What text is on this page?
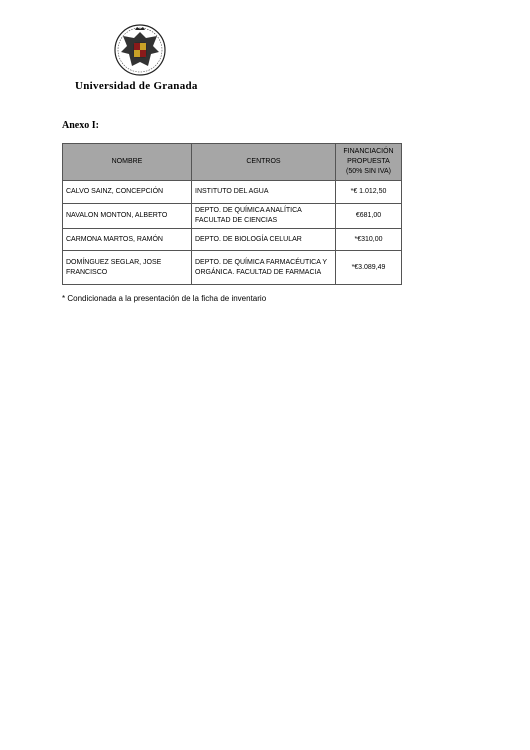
Universidad de Granada
Anexo I:
NOMBRE	CENTROS	FINANCIACIÓN PROPUESTA (50% SIN IVA)
CALVO SAINZ, CONCEPCIÓN	INSTITUTO DEL AGUA	*€ 1.012,50
NAVALON MONTON, ALBERTO	DEPTO. DE QUÍMICA ANALÍTICA FACULTAD DE CIENCIAS	€681,00
CARMONA MARTOS, RAMÓN	DEPTO. DE BIOLOGÍA CELULAR	*€310,00
DOMÍNGUEZ SEGLAR, JOSE FRANCISCO	DEPTO. DE QUÍMICA FARMACÉUTICA Y ORGÁNICA. FACULTAD DE FARMACIA	*€3.089,49
* Condicionada a la presentación de la ficha de inventario
